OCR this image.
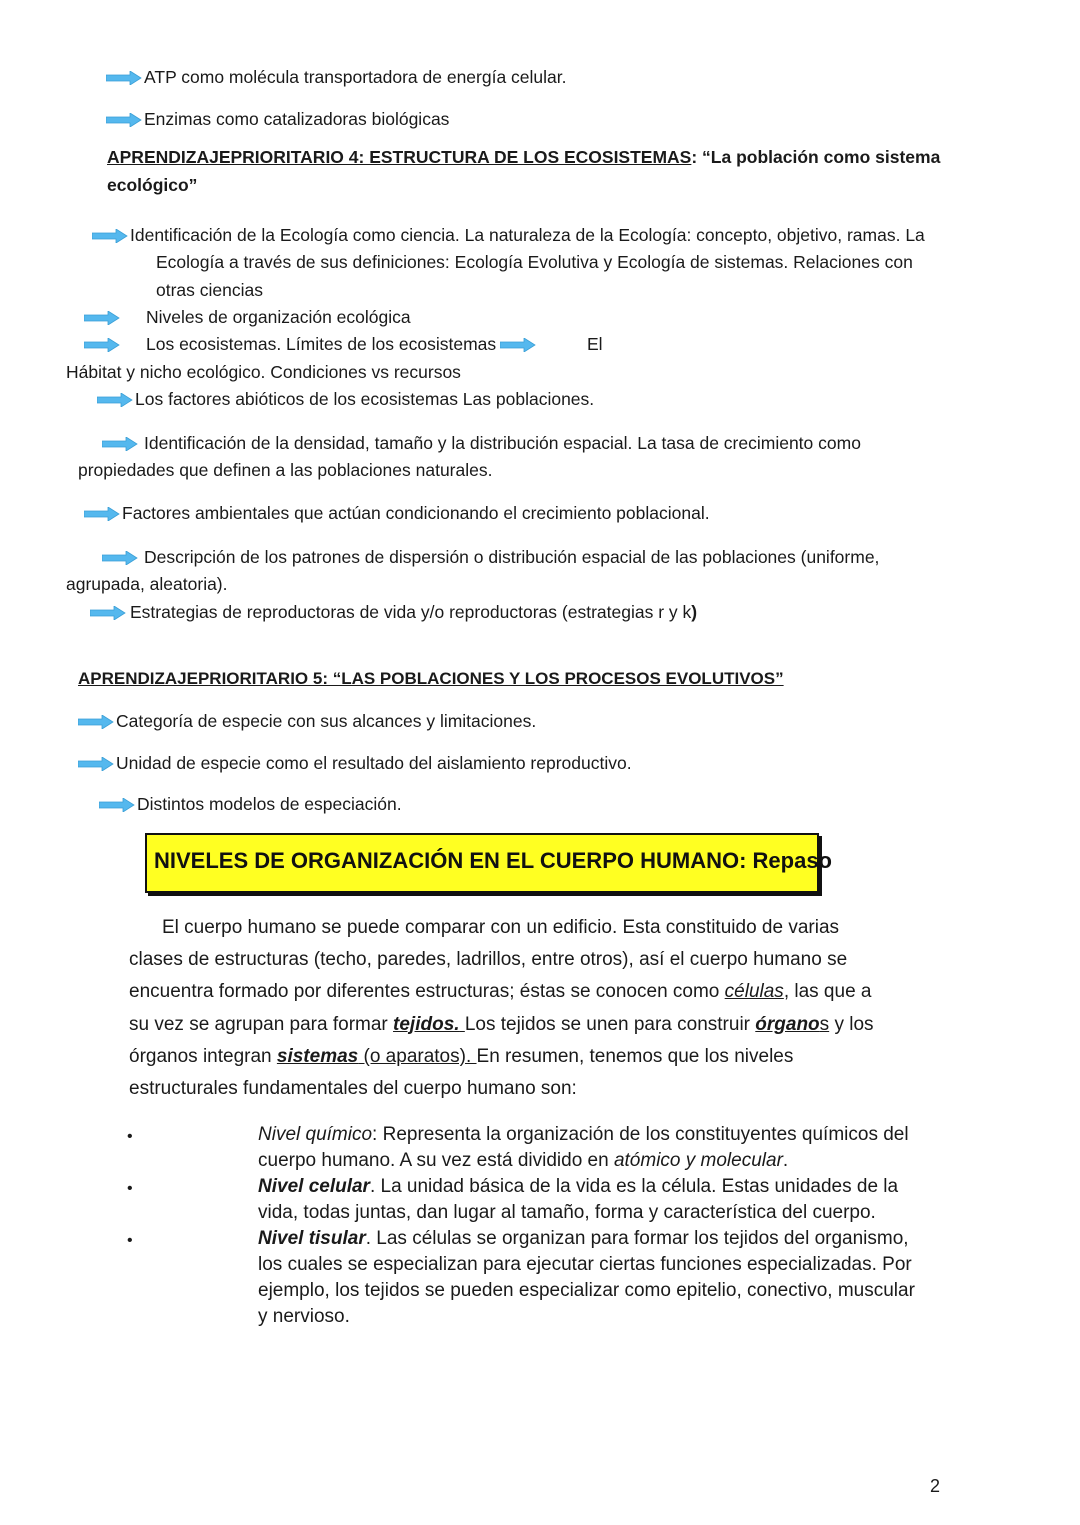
ATP como molécula transportadora de energía celular.
Enzimas como catalizadoras biológicas
APRENDIZAJEPRIORITARIO 4: ESTRUCTURA DE LOS ECOSISTEMAS: “La población como sistema
ecológico”
Identificación de la Ecología como ciencia. La naturaleza de la Ecología: concepto, objetivo, ramas. La
Ecología a través de sus definiciones: Ecología Evolutiva y Ecología de sistemas. Relaciones con
otras ciencias
Niveles de organización ecológica
Los ecosistemas. Límites de los ecosistemas	El
Hábitat y nicho ecológico. Condiciones vs recursos
Los factores abióticos de los ecosistemas Las poblaciones.
Identificación de la densidad, tamaño y la distribución espacial. La tasa de crecimiento como
propiedades que definen a las poblaciones naturales.
Factores ambientales que actúan condicionando el crecimiento poblacional.
Descripción de los patrones de dispersión o distribución espacial de las poblaciones (uniforme,
agrupada, aleatoria).
Estrategias de reproductoras de vida y/o reproductoras (estrategias r y k)
APRENDIZAJEPRIORITARIO 5: “LAS POBLACIONES Y LOS PROCESOS EVOLUTIVOS”
Categoría de especie con sus alcances y limitaciones.
Unidad de especie como el resultado del aislamiento reproductivo.
Distintos modelos de especiación.
NIVELES DE ORGANIZACIÓN EN EL CUERPO HUMANO: Repaso

El cuerpo humano se puede comparar con un edificio. Esta constituido de varias

clases de estructuras (techo, paredes, ladrillos, entre otros), así el cuerpo humano se

encuentra formado por diferentes estructuras; éstas se conocen como células, las que a

su vez se agrupan para formar tejidos. Los tejidos se unen para construir órganos y los

órganos integran sistemas (o aparatos). En resumen, tenemos que los niveles

estructurales fundamentales del cuerpo humano son:

•	Nivel químico: Representa la organización de los constituyentes químicos del
cuerpo humano. A su vez está dividido en atómico y molecular.
•	Nivel celular. La unidad básica de la vida es la célula. Estas unidades de la
vida, todas juntas, dan lugar al tamaño, forma y característica del cuerpo.
•	Nivel tisular. Las células se organizan para formar los tejidos del organismo,
los cuales se especializan para ejecutar ciertas funciones especializadas. Por
ejemplo, los tejidos se pueden especializar como epitelio, conectivo, muscular
y nervioso.
2
